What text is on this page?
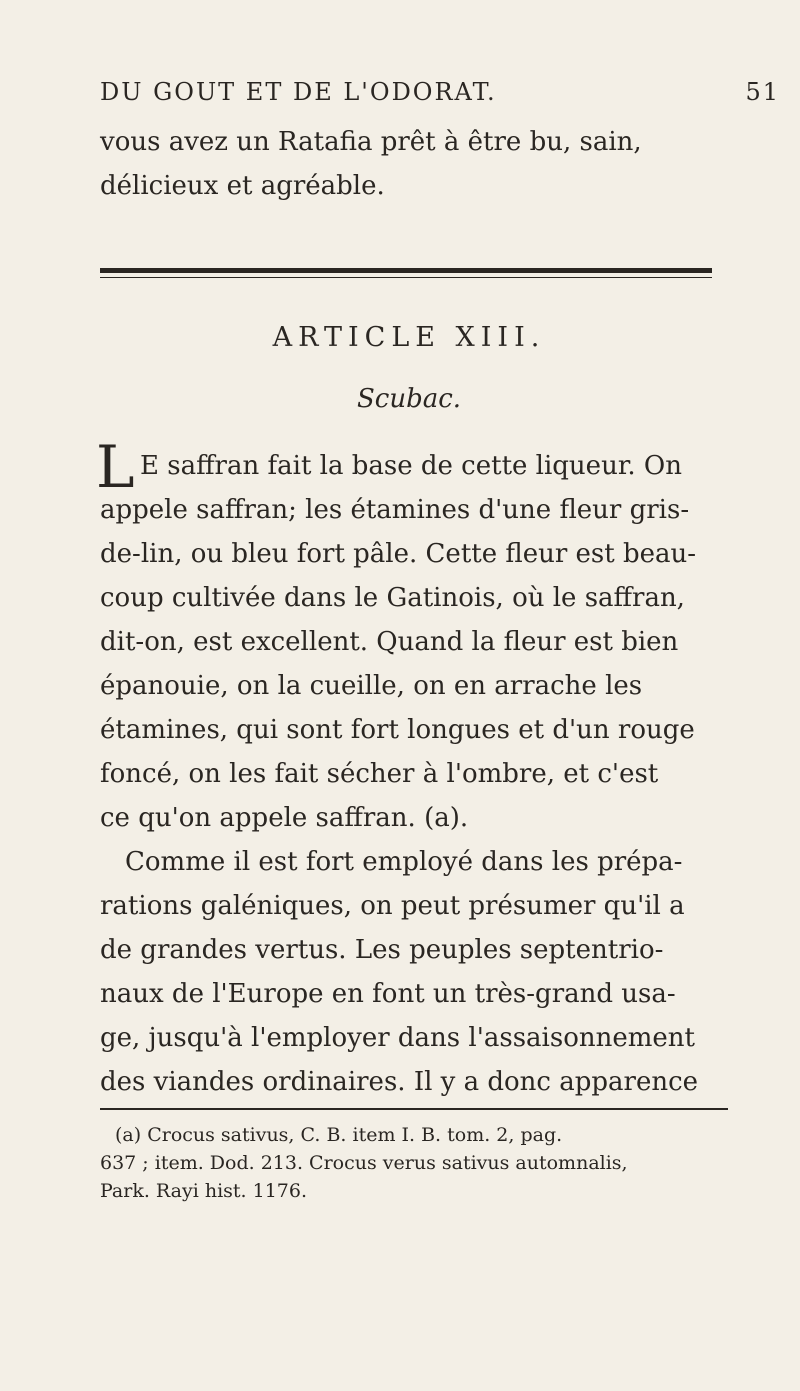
DU GOUT ET DE L'ODORAT.	51
vous avez un Ratafia prêt à être bu, sain,
délicieux et agréable.
ARTICLE XIII.
Scubac.
L E saffran fait la base de cette liqueur. On
appele saffran; les étamines d'une fleur gris-
de-lin, ou bleu fort pâle. Cette fleur est beau-
coup cultivée dans le Gatinois, où le saffran,
dit-on, est excellent. Quand la fleur est bien
épanouie, on la cueille, on en arrache les
étamines, qui sont fort longues et d'un rouge
foncé, on les fait sécher à l'ombre, et c'est
ce qu'on appele saffran. (a).
Comme il est fort employé dans les prépa-
rations galéniques, on peut présumer qu'il a
de grandes vertus. Les peuples septentrio-
naux de l'Europe en font un très-grand usa-
ge, jusqu'à l'employer dans l'assaisonnement
des viandes ordinaires. Il y a donc apparence
(a) Crocus sativus, C. B. item I. B. tom. 2, pag.
637 ; item. Dod. 213. Crocus verus sativus automnalis,
Park. Rayi hist. 1176.
